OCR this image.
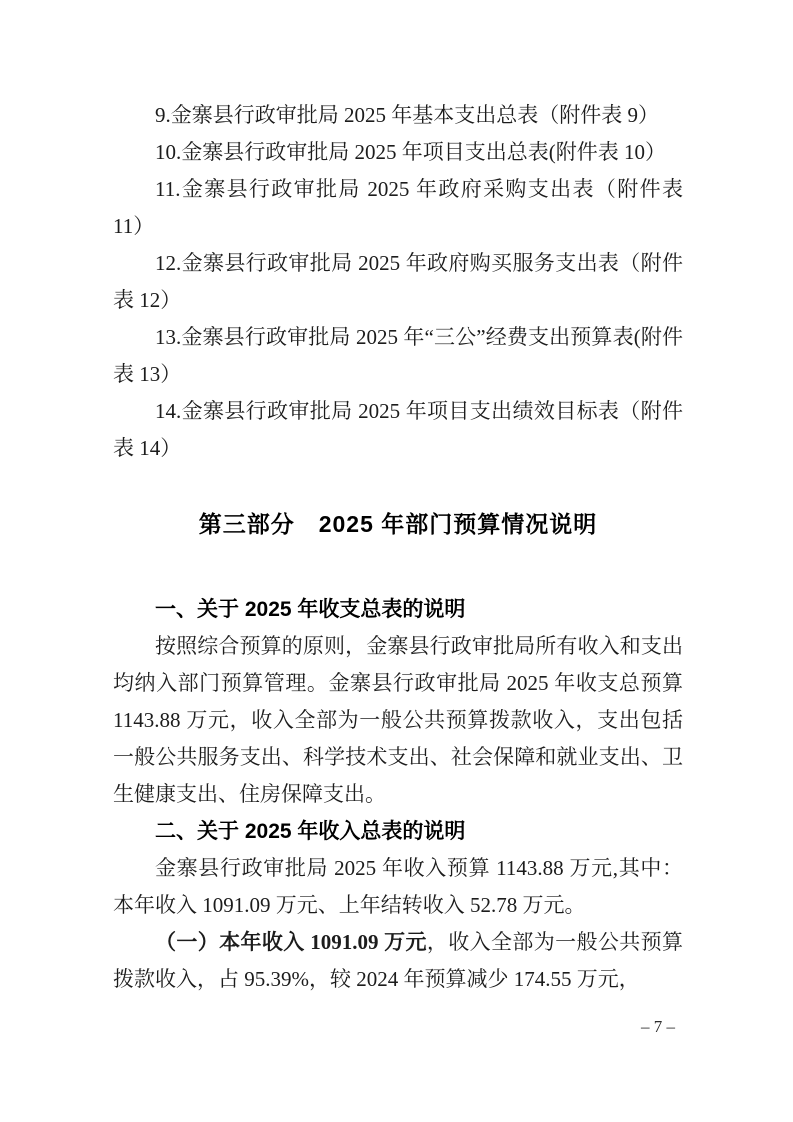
9.金寨县行政审批局 2025 年基本支出总表（附件表 9）

10.金寨县行政审批局 2025 年项目支出总表(附件表 10）

11.金寨县行政审批局 2025 年政府采购支出表（附件表 11）

12.金寨县行政审批局 2025 年政府购买服务支出表（附件表 12）

13.金寨县行政审批局 2025 年“三公”经费支出预算表(附件表 13）

14.金寨县行政审批局 2025 年项目支出绩效目标表（附件表 14）

第三部分　2025 年部门预算情况说明
一、关于 2025 年收支总表的说明

按照综合预算的原则，金寨县行政审批局所有收入和支出均纳入部门预算管理。金寨县行政审批局 2025 年收支总预算 1143.88 万元，收入全部为一般公共预算拨款收入，支出包括一般公共服务支出、科学技术支出、社会保障和就业支出、卫生健康支出、住房保障支出。

二、关于 2025 年收入总表的说明

金寨县行政审批局 2025 年收入预算 1143.88 万元,其中：本年收入 1091.09 万元、上年结转收入 52.78 万元。

（一）本年收入 1091.09 万元，收入全部为一般公共预算拨款收入，占 95.39%，较 2024 年预算减少 174.55 万元，

– 7 –
